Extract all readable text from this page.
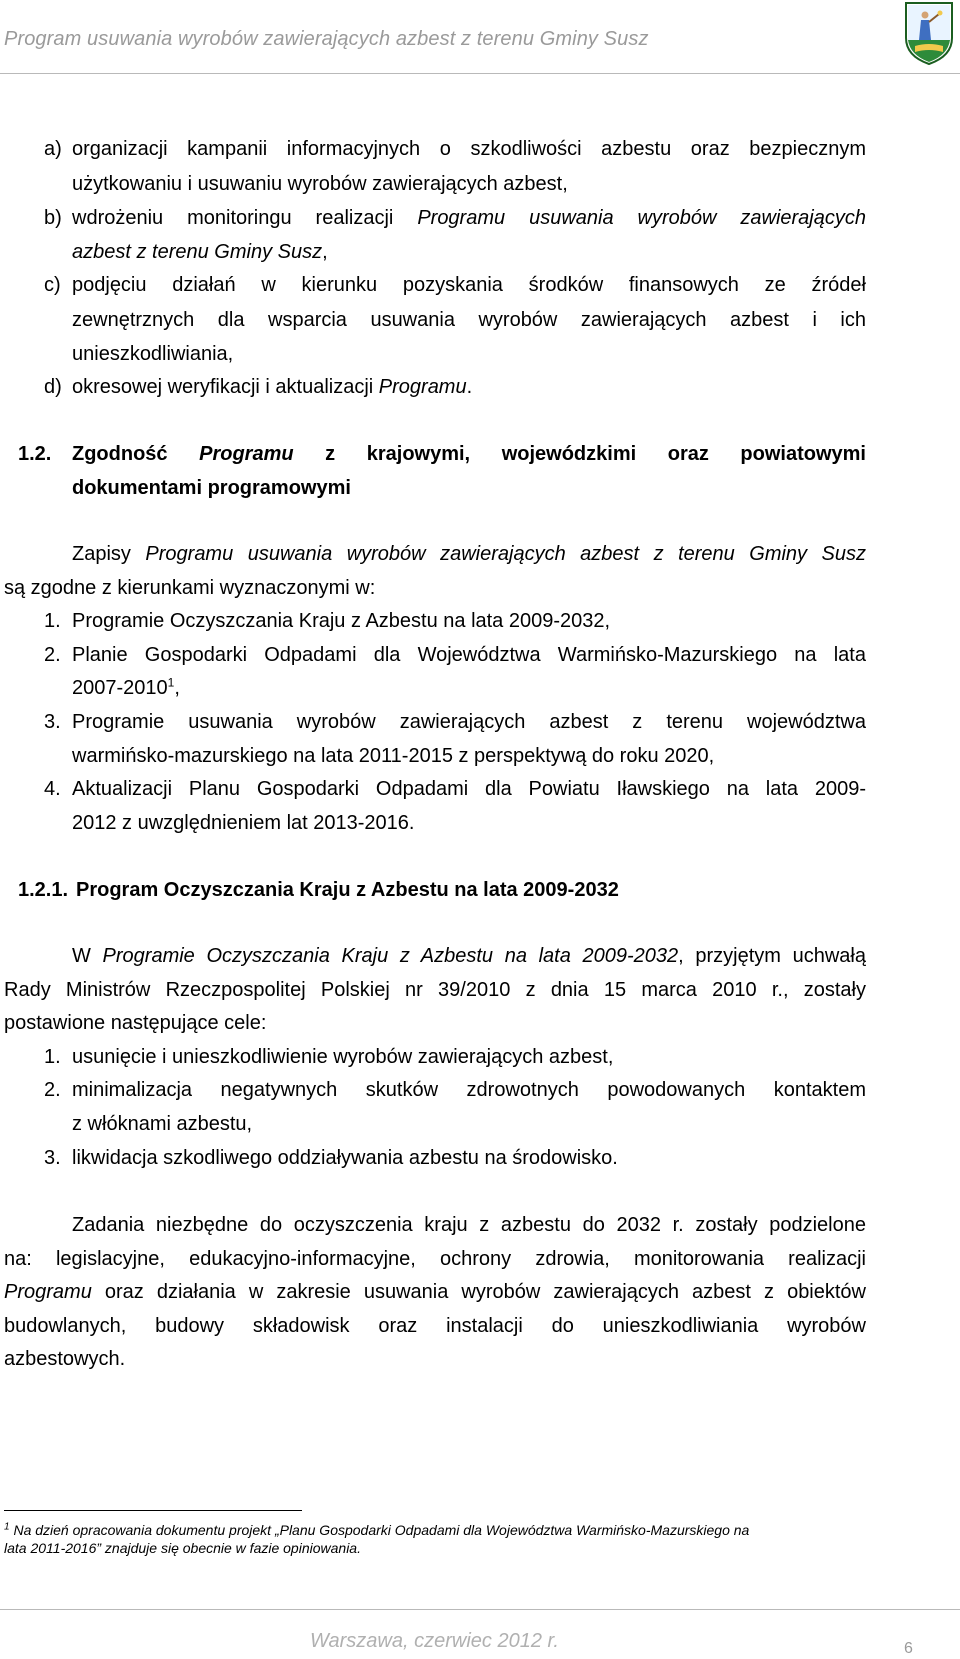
Program usuwania wyrobów zawierających azbest z terenu Gminy Susz
a) organizacji kampanii informacyjnych o szkodliwości azbestu oraz bezpiecznym
użytkowaniu i usuwaniu wyrobów zawierających azbest,
b) wdrożeniu monitoringu realizacji Programu usuwania wyrobów zawierających
azbest z terenu Gminy Susz,
c) podjęciu działań w kierunku pozyskania środków finansowych ze źródeł
zewnętrznych dla wsparcia usuwania wyrobów zawierających azbest i ich
unieszkodliwiania,
d) okresowej weryfikacji i aktualizacji Programu.
1.2. Zgodność Programu z krajowymi, wojewódzkimi oraz powiatowymi
dokumentami programowymi
Zapisy Programu usuwania wyrobów zawierających azbest z terenu Gminy Susz
są zgodne z kierunkami wyznaczonymi w:
1. Programie Oczyszczania Kraju z Azbestu na lata 2009-2032,
2. Planie Gospodarki Odpadami dla Województwa Warmińsko-Mazurskiego na lata
2007-2010$^1$,
3. Programie usuwania wyrobów zawierających azbest z terenu województwa
warmińsko-mazurskiego na lata 2011-2015 z perspektywą do roku 2020,
4. Aktualizacji Planu Gospodarki Odpadami dla Powiatu Iławskiego na lata 2009-
2012 z uwzględnieniem lat 2013-2016.
1.2.1. Program Oczyszczania Kraju z Azbestu na lata 2009-2032
W Programie Oczyszczania Kraju z Azbestu na lata 2009-2032, przyjętym uchwałą
Rady Ministrów Rzeczpospolitej Polskiej nr 39/2010 z dnia 15 marca 2010 r., zostały
postawione następujące cele:
1. usunięcie i unieszkodliwienie wyrobów zawierających azbest,
2. minimalizacja negatywnych skutków zdrowotnych powodowanych kontaktem
z włóknami azbestu,
3. likwidacja szkodliwego oddziaływania azbestu na środowisko.
Zadania niezbędne do oczyszczenia kraju z azbestu do 2032 r. zostały podzielone
na: legislacyjne, edukacyjno-informacyjne, ochrony zdrowia, monitorowania realizacji
Programu oraz działania w zakresie usuwania wyrobów zawierających azbest z obiektów
budowlanych, budowy składowisk oraz instalacji do unieszkodliwiania wyrobów
azbestowych.
$^1$ Na dzień opracowania dokumentu projekt „Planu Gospodarki Odpadami dla Województwa Warmińsko-Mazurskiego na
lata 2011-2016” znajduje się obecnie w fazie opiniowania.
Warszawa, czerwiec 2012 r.	6
